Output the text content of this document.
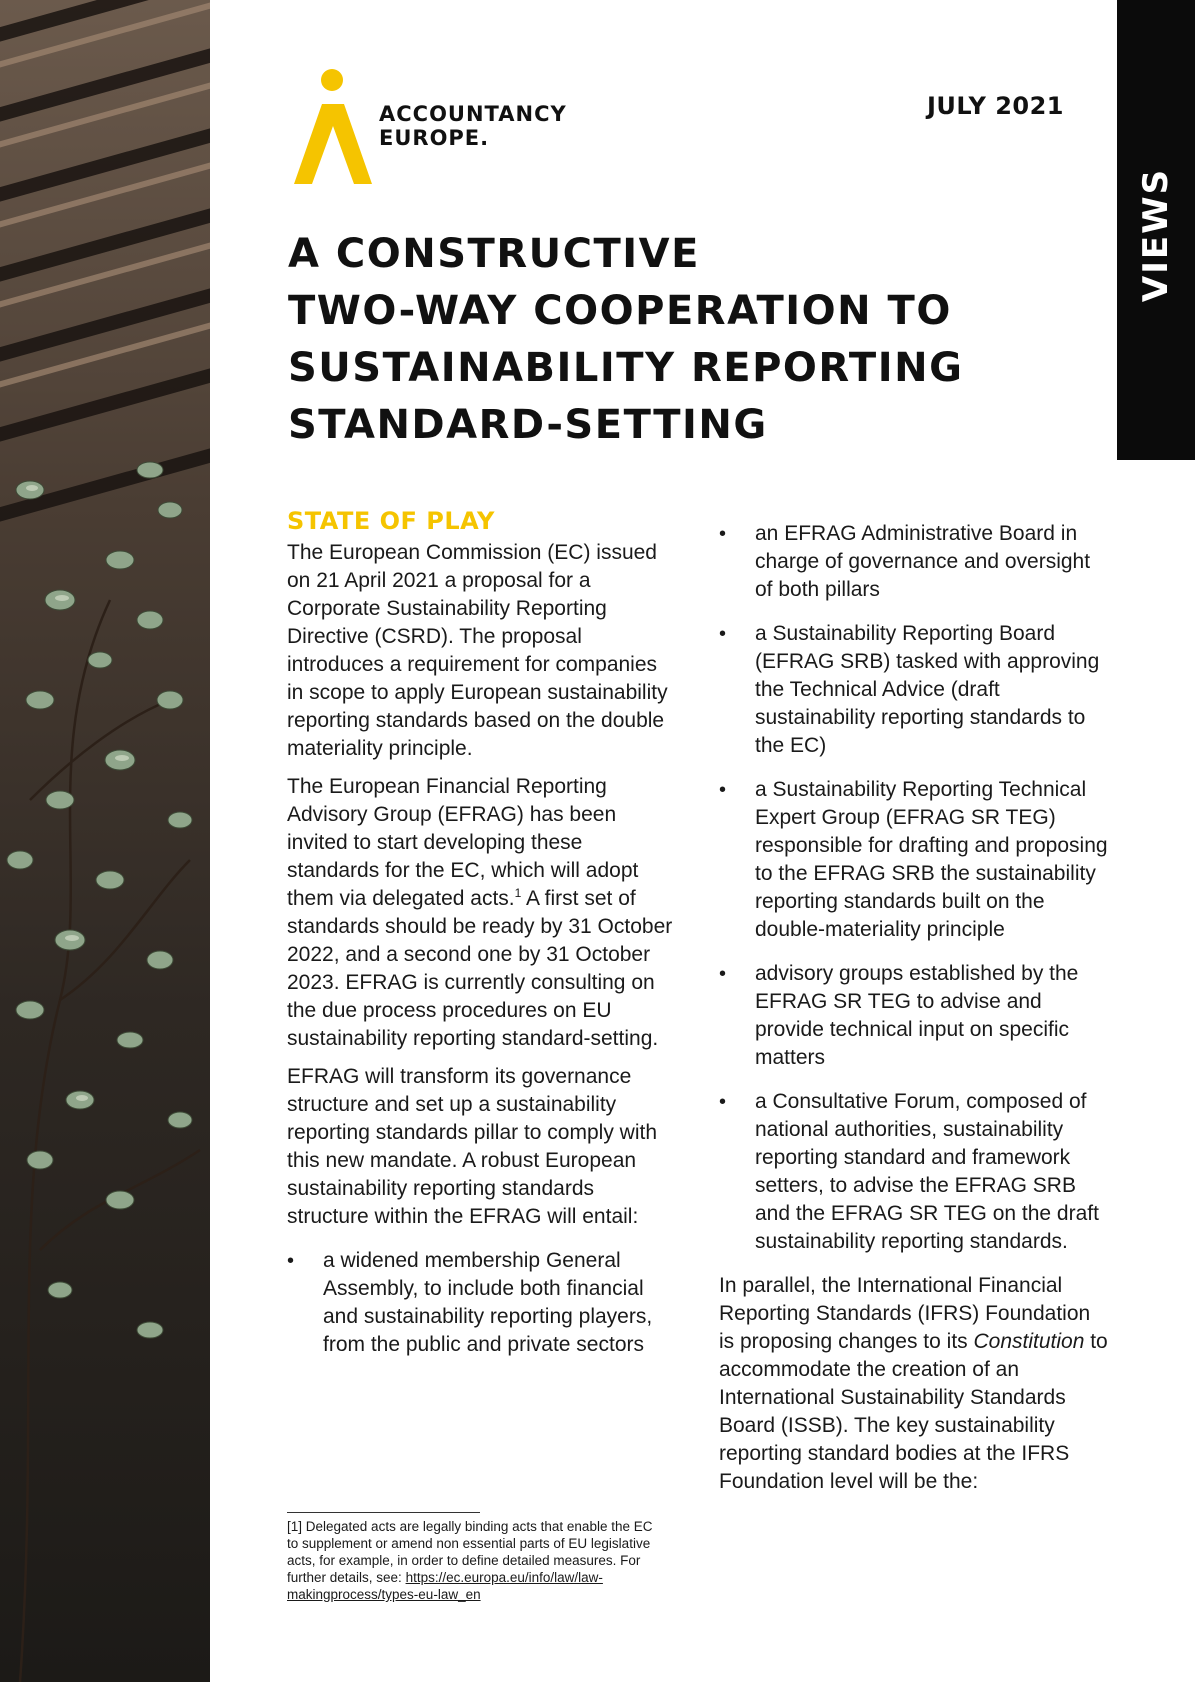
VIEWS
ACCOUNTANCY
EUROPE.
JULY 2021
A CONSTRUCTIVE
TWO-WAY COOPERATION TO
SUSTAINABILITY REPORTING
STANDARD-SETTING
STATE OF PLAY

The European Commission (EC) issued on 21 April 2021 a proposal for a Corporate Sustainability Reporting Directive (CSRD). The proposal introduces a requirement for companies in scope to apply European sustainability reporting standards based on the double materiality principle.

The European Financial Reporting Advisory Group (EFRAG) has been invited to start developing these standards for the EC, which will adopt them via delegated acts.$^1$ A first set of standards should be ready by 31 October 2022, and a second one by 31 October 2023. EFRAG is currently consulting on the due process procedures on EU sustainability reporting standard-setting.

EFRAG will transform its governance structure and set up a sustainability reporting standards pillar to comply with this new mandate. A robust European sustainability reporting standards structure within the EFRAG will entail:

• a widened membership General Assembly, to include both financial and sustainability reporting players, from the public and private sectors
• an EFRAG Administrative Board in charge of governance and oversight of both pillars
• a Sustainability Reporting Board (EFRAG SRB) tasked with approving the Technical Advice (draft sustainability reporting standards to the EC)
• a Sustainability Reporting Technical Expert Group (EFRAG SR TEG) responsible for drafting and proposing to the EFRAG SRB the sustainability reporting standards built on the double-materiality principle
• advisory groups established by the EFRAG SR TEG to advise and provide technical input on specific matters
• a Consultative Forum, composed of national authorities, sustainability reporting standard and framework setters, to advise the EFRAG SRB and the EFRAG SR TEG on the draft sustainability reporting standards.

In parallel, the International Financial Reporting Standards (IFRS) Foundation is proposing changes to its Constitution to accommodate the creation of an International Sustainability Standards Board (ISSB). The key sustainability reporting standard bodies at the IFRS Foundation level will be the:

[1] Delegated acts are legally binding acts that enable the EC to supplement or amend non essential parts of EU legislative acts, for example, in order to define detailed measures. For further details, see: https://ec.europa.eu/info/law/law-makingprocess/types-eu-law_en
